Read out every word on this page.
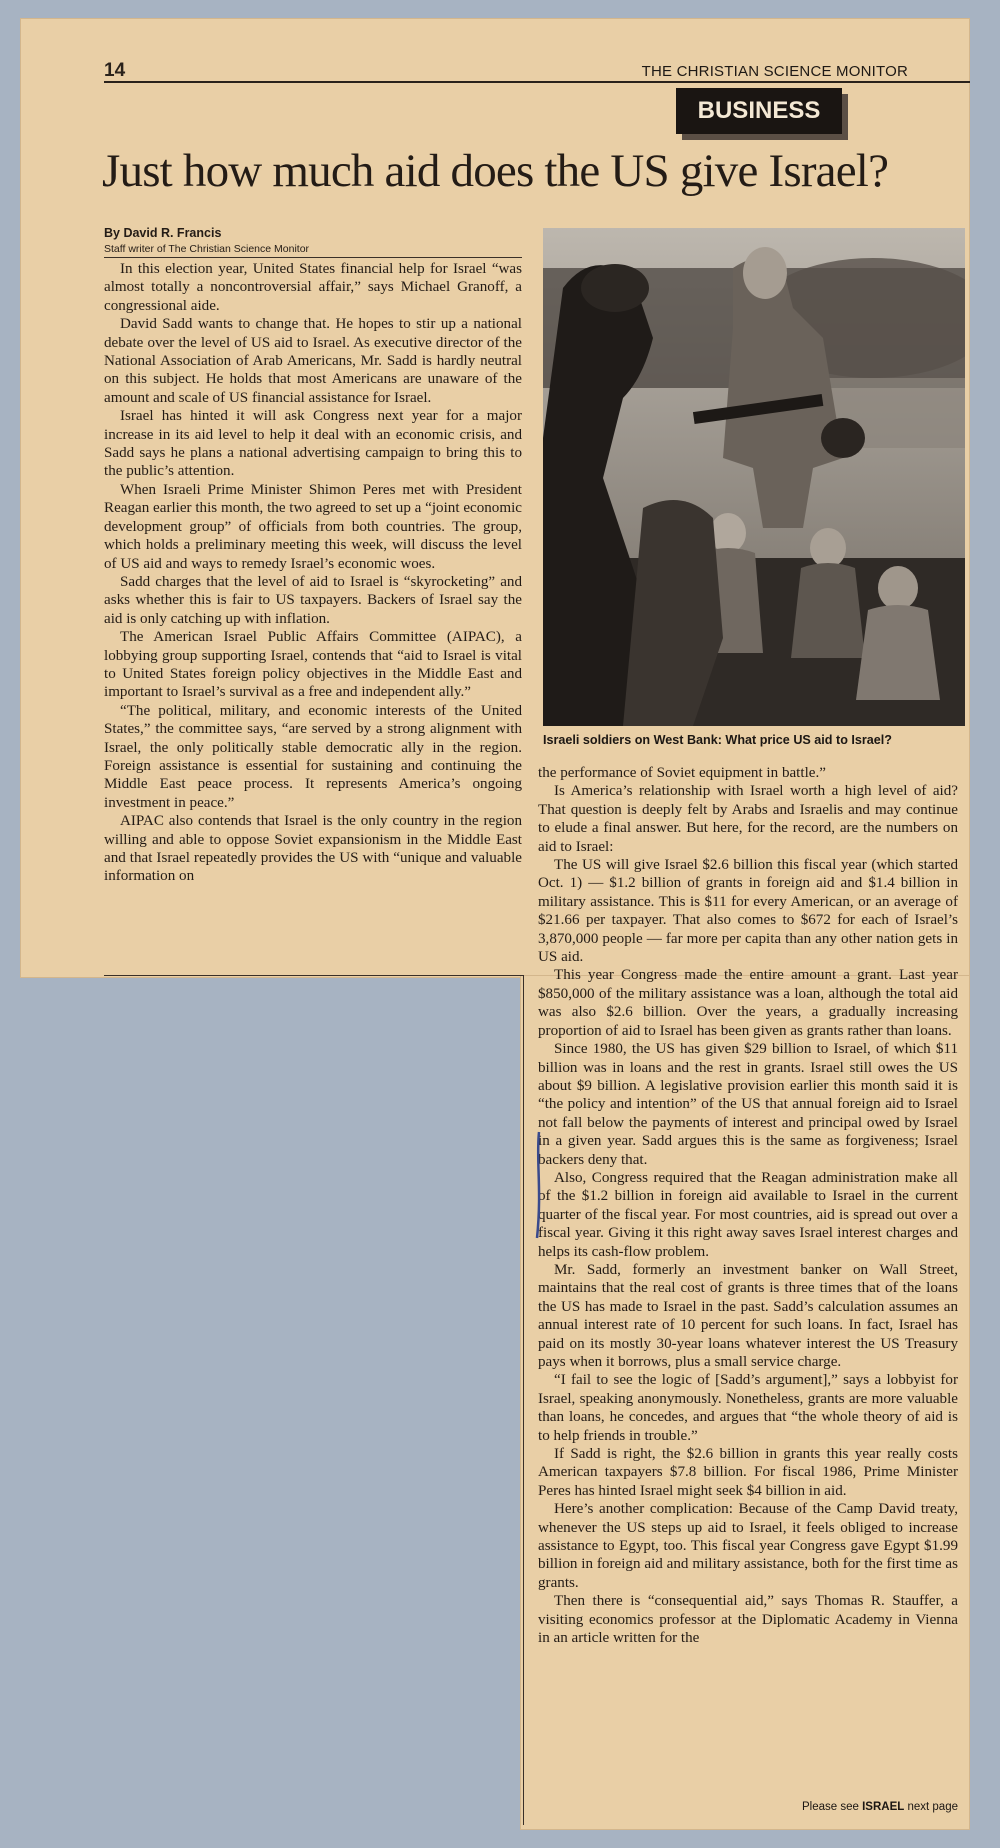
14	THE CHRISTIAN SCIENCE MONITOR
BUSINESS
Just how much aid does the US give Israel?
By David R. Francis
Staff writer of The Christian Science Monitor

In this election year, United States financial help for Israel “was almost totally a noncontroversial affair,” says Michael Granoff, a congressional aide.

David Sadd wants to change that. He hopes to stir up a national debate over the level of US aid to Israel. As executive director of the National Association of Arab Americans, Mr. Sadd is hardly neutral on this subject. He holds that most Americans are unaware of the amount and scale of US financial assistance for Israel.

Israel has hinted it will ask Congress next year for a major increase in its aid level to help it deal with an economic crisis, and Sadd says he plans a national advertising campaign to bring this to the public’s attention.

When Israeli Prime Minister Shimon Peres met with President Reagan earlier this month, the two agreed to set up a “joint economic development group” of officials from both countries. The group, which holds a preliminary meeting this week, will discuss the level of US aid and ways to remedy Israel’s economic woes.

Sadd charges that the level of aid to Israel is “skyrocketing” and asks whether this is fair to US taxpayers. Backers of Israel say the aid is only catching up with inflation.

The American Israel Public Affairs Committee (AIPAC), a lobbying group supporting Israel, contends that “aid to Israel is vital to United States foreign policy objectives in the Middle East and important to Israel’s survival as a free and independent ally.”

“The political, military, and economic interests of the United States,” the committee says, “are served by a strong alignment with Israel, the only politically stable democratic ally in the region. Foreign assistance is essential for sustaining and continuing the Middle East peace process. It represents America’s ongoing investment in peace.”

AIPAC also contends that Israel is the only country in the region willing and able to oppose Soviet expansionism in the Middle East and that Israel repeatedly provides the US with “unique and valuable information on

Israeli soldiers on West Bank: What price US aid to Israel?

the performance of Soviet equipment in battle.”

Is America’s relationship with Israel worth a high level of aid? That question is deeply felt by Arabs and Israelis and may continue to elude a final answer. But here, for the record, are the numbers on aid to Israel:

The US will give Israel $2.6 billion this fiscal year (which started Oct. 1) — $1.2 billion of grants in foreign aid and $1.4 billion in military assistance. This is $11 for every American, or an average of $21.66 per taxpayer. That also comes to $672 for each of Israel’s 3,870,000 people — far more per capita than any other nation gets in US aid.

This year Congress made the entire amount a grant. Last year $850,000 of the military assistance was a loan, although the total aid was also $2.6 billion. Over the years, a gradually increasing proportion of aid to Israel has been given as grants rather than loans.

Since 1980, the US has given $29 billion to Israel, of which $11 billion was in loans and the rest in grants. Israel still owes the US about $9 billion. A legislative provision earlier this month said it is “the policy and intention” of the US that annual foreign aid to Israel not fall below the payments of interest and principal owed by Israel in a given year. Sadd argues this is the same as forgiveness; Israel backers deny that.

Also, Congress required that the Reagan administration make all of the $1.2 billion in foreign aid available to Israel in the current quarter of the fiscal year. For most countries, aid is spread out over a fiscal year. Giving it this right away saves Israel interest charges and helps its cash-flow problem.

Mr. Sadd, formerly an investment banker on Wall Street, maintains that the real cost of grants is three times that of the loans the US has made to Israel in the past. Sadd’s calculation assumes an annual interest rate of 10 percent for such loans. In fact, Israel has paid on its mostly 30-year loans whatever interest the US Treasury pays when it borrows, plus a small service charge.

“I fail to see the logic of [Sadd’s argument],” says a lobbyist for Israel, speaking anonymously. Nonetheless, grants are more valuable than loans, he concedes, and argues that “the whole theory of aid is to help friends in trouble.”

If Sadd is right, the $2.6 billion in grants this year really costs American taxpayers $7.8 billion. For fiscal 1986, Prime Minister Peres has hinted Israel might seek $4 billion in aid.

Here’s another complication: Because of the Camp David treaty, whenever the US steps up aid to Israel, it feels obliged to increase assistance to Egypt, too. This fiscal year Congress gave Egypt $1.99 billion in foreign aid and military assistance, both for the first time as grants.

Then there is “consequential aid,” says Thomas R. Stauffer, a visiting economics professor at the Diplomatic Academy in Vienna in an article written for the

Please see ISRAEL next page
